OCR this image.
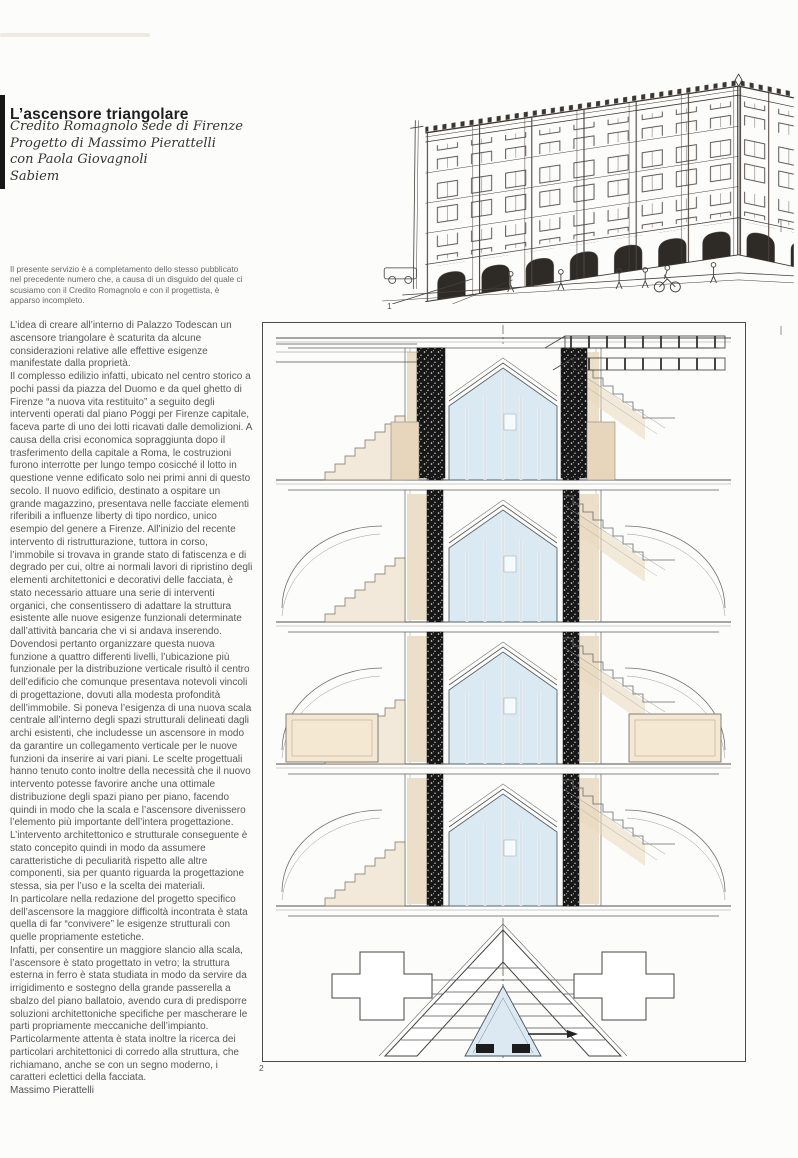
L’ascensore triangolare
Credito Romagnolo sede di Firenze
Progetto di Massimo Pierattelli
con Paola Giovagnoli
Sabiem
Il presente servizio è a completamento dello stesso pubblicato nel precedente numero che, a causa di un disguido del quale ci scusiamo con il Credito Romagnolo e con il progettista, è apparso incompleto.

L’idea di creare all’interno di Palazzo Todescan un ascensore triangolare è scaturita da alcune considerazioni relative alle effettive esigenze manifestate dalla proprietà.

Il complesso edilizio infatti, ubicato nel centro storico a pochi passi da piazza del Duomo e da quel ghetto di Firenze “a nuova vita restituito” a seguito degli interventi operati dal piano Poggi per Firenze capitale, faceva parte di uno dei lotti ricavati dalle demolizioni. A causa della crisi economica sopraggiunta dopo il trasferimento della capitale a Roma, le costruzioni furono interrotte per lungo tempo cosicché il lotto in questione venne edificato solo nei primi anni di questo secolo. Il nuovo edificio, destinato a ospitare un grande magazzino, presentava nelle facciate elementi riferibili a influenze liberty di tipo nordico, unico esempio del genere a Firenze. All’inizio del recente intervento di ristrutturazione, tuttora in corso, l’immobile si trovava in grande stato di fatiscenza e di degrado per cui, oltre ai normali lavori di ripristino degli elementi architettonici e decorativi delle facciata, è stato necessario attuare una serie di interventi organici, che consentissero di adattare la struttura esistente alle nuove esigenze funzionali determinate dall’attività bancaria che vi si andava inserendo. Dovendosi pertanto organizzare questa nuova funzione a quattro differenti livelli, l’ubicazione più funzionale per la distribuzione verticale risultò il centro dell’edificio che comunque presentava notevoli vincoli di progettazione, dovuti alla modesta profondità dell’immobile. Si poneva l’esigenza di una nuova scala centrale all’interno degli spazi strutturali delineati dagli archi esistenti, che includesse un ascensore in modo da garantire un collegamento verticale per le nuove funzioni da inserire ai vari piani. Le scelte progettuali hanno tenuto conto inoltre della necessità che il nuovo intervento potesse favorire anche una ottimale distribuzione degli spazi piano per piano, facendo quindi in modo che la scala e l’ascensore divenissero l’elemento più importante dell’intera progettazione.

L’intervento architettonico e strutturale conseguente è stato concepito quindi in modo da assumere caratteristiche di peculiarità rispetto alle altre componenti, sia per quanto riguarda la progettazione stessa, sia per l’uso e la scelta dei materiali.

In particolare nella redazione del progetto specifico dell’ascensore la maggiore difficoltà incontrata è stata quella di far “convivere” le esigenze strutturali con quelle propriamente estetiche.

Infatti, per consentire un maggiore slancio alla scala, l’ascensore è stato progettato in vetro; la struttura esterna in ferro è stata studiata in modo da servire da irrigidimento e sostegno della grande passerella a sbalzo del piano ballatoio, avendo cura di predisporre soluzioni architettoniche specifiche per mascherare le parti propriamente meccaniche dell’impianto.

Particolarmente attenta è stata inoltre la ricerca dei particolari architettonici di corredo alla struttura, che richiamano, anche se con un segno moderno, i caratteri eclettici della facciata.

Massimo Pierattelli

1
2
